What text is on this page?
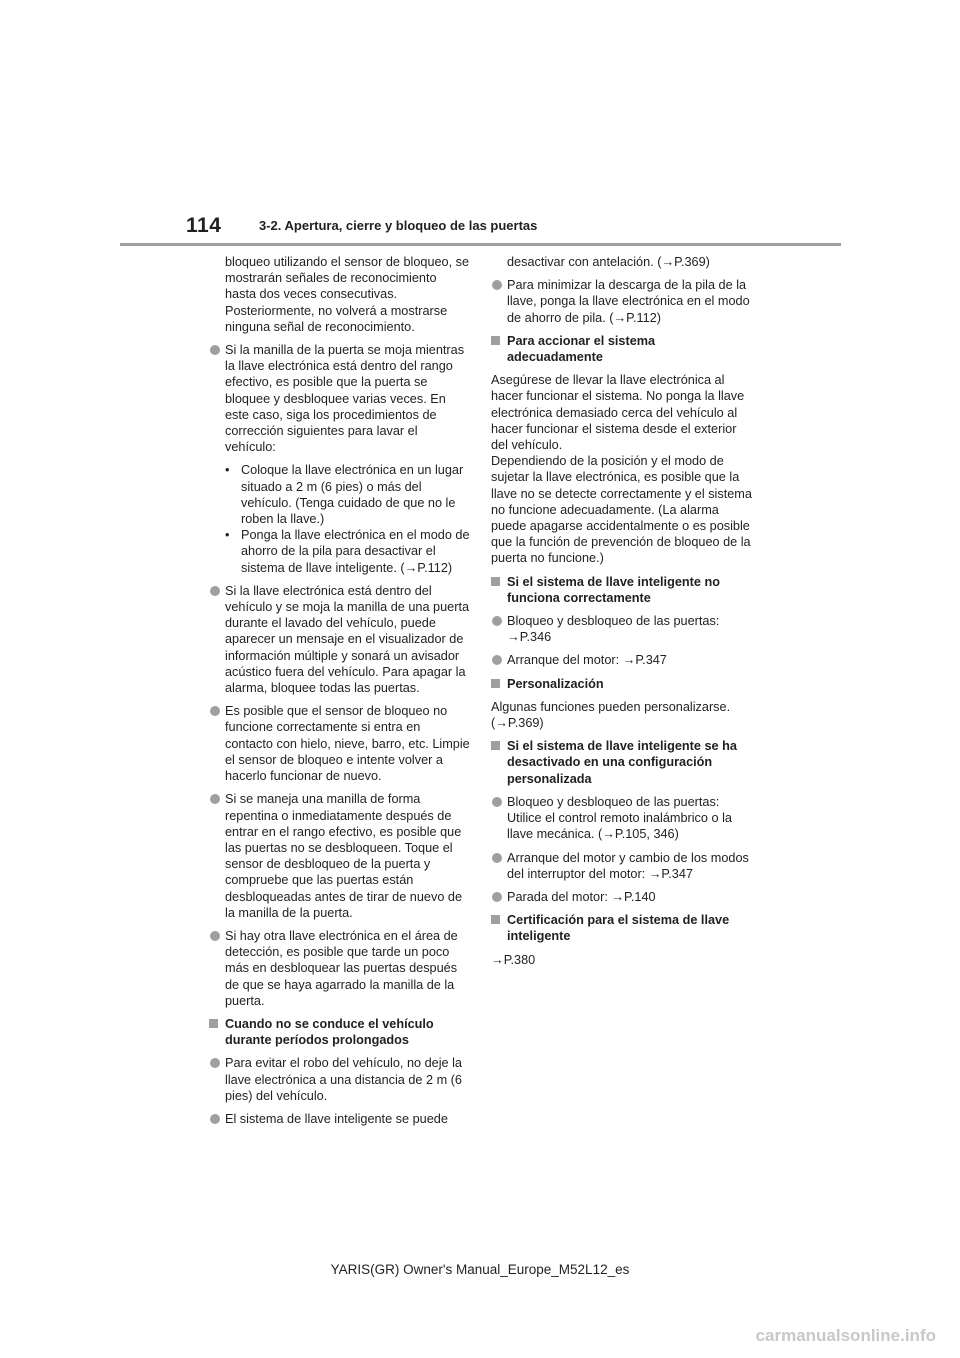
114	3-2. Apertura, cierre y bloqueo de las puertas
bloqueo utilizando el sensor de bloqueo, se mostrarán señales de reconocimiento hasta dos veces consecutivas. Posteriormente, no volverá a mostrarse ninguna señal de reconocimiento.
Si la manilla de la puerta se moja mientras la llave electrónica está dentro del rango efectivo, es posible que la puerta se bloquee y desbloquee varias veces. En este caso, siga los procedimientos de corrección siguientes para lavar el vehículo:
• Coloque la llave electrónica en un lugar situado a 2 m (6 pies) o más del vehículo. (Tenga cuidado de que no le roben la llave.)
• Ponga la llave electrónica en el modo de ahorro de la pila para desactivar el sistema de llave inteligente. (→P.112)
Si la llave electrónica está dentro del vehículo y se moja la manilla de una puerta durante el lavado del vehículo, puede aparecer un mensaje en el visualizador de información múltiple y sonará un avisador acústico fuera del vehículo. Para apagar la alarma, bloquee todas las puertas.
Es posible que el sensor de bloqueo no funcione correctamente si entra en contacto con hielo, nieve, barro, etc. Limpie el sensor de bloqueo e intente volver a hacerlo funcionar de nuevo.
Si se maneja una manilla de forma repentina o inmediatamente después de entrar en el rango efectivo, es posible que las puertas no se desbloqueen. Toque el sensor de desbloqueo de la puerta y compruebe que las puertas están desbloqueadas antes de tirar de nuevo de la manilla de la puerta.
Si hay otra llave electrónica en el área de detección, es posible que tarde un poco más en desbloquear las puertas después de que se haya agarrado la manilla de la puerta.
Cuando no se conduce el vehículo durante períodos prolongados
Para evitar el robo del vehículo, no deje la llave electrónica a una distancia de 2 m (6 pies) del vehículo.
El sistema de llave inteligente se puede
desactivar con antelación. (→P.369)
Para minimizar la descarga de la pila de la llave, ponga la llave electrónica en el modo de ahorro de pila. (→P.112)
Para accionar el sistema adecuadamente
Asegúrese de llevar la llave electrónica al hacer funcionar el sistema. No ponga la llave electrónica demasiado cerca del vehículo al hacer funcionar el sistema desde el exterior del vehículo.
Dependiendo de la posición y el modo de sujetar la llave electrónica, es posible que la llave no se detecte correctamente y el sistema no funcione adecuadamente. (La alarma puede apagarse accidentalmente o es posible que la función de prevención de bloqueo de la puerta no funcione.)
Si el sistema de llave inteligente no funciona correctamente
Bloqueo y desbloqueo de las puertas: →P.346
Arranque del motor: →P.347
Personalización
Algunas funciones pueden personalizarse. (→P.369)
Si el sistema de llave inteligente se ha desactivado en una configuración personalizada
Bloqueo y desbloqueo de las puertas: Utilice el control remoto inalámbrico o la llave mecánica. (→P.105, 346)
Arranque del motor y cambio de los modos del interruptor del motor: →P.347
Parada del motor: →P.140
Certificación para el sistema de llave inteligente
→P.380
YARIS(GR) Owner's Manual_Europe_M52L12_es
carmanualsonline.info
